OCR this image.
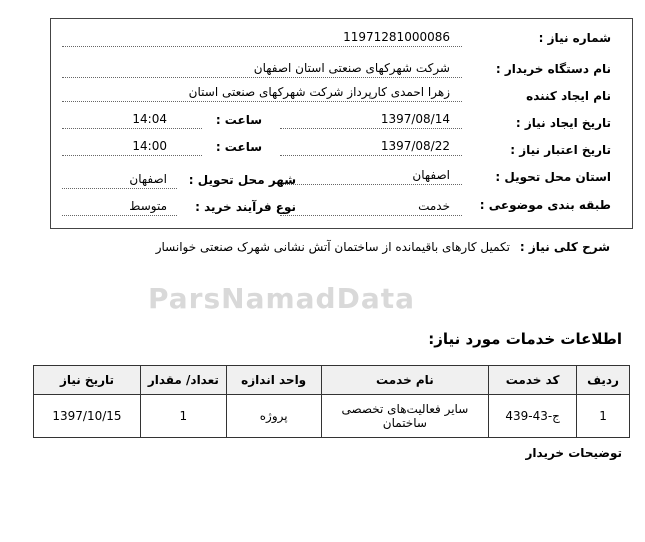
ParsNamadData
شماره نیاز :
11971281000086
نام دستگاه خریدار :
شرکت شهرکهای صنعتی استان اصفهان
نام ایجاد کننده
زهرا احمدی کارپرداز شرکت شهرکهای صنعتی استان
تاریخ ایجاد نیاز :
1397/08/14
ساعت :
14:04
تاریخ اعتبار نیاز :
1397/08/22
ساعت :
14:00
استان محل تحویل :
اصفهان
شهر محل تحویل :
اصفهان
طبقه بندی موضوعی :
خدمت
نوع فرآیند خرید :
متوسط
شرح کلی نیاز :
تکمیل کارهای باقیمانده از ساختمان آتش نشانی شهرک صنعتی خوانسار
اطلاعات خدمات مورد نیاز:
ردیف	کد خدمت	نام خدمت	واحد اندازه	تعداد/ مقدار	تاریخ نیاز
1	ج-43-439	سایر فعالیت‌های تخصصی ساختمان	پروژه	1	1397/10/15
توضیحات خریدار
